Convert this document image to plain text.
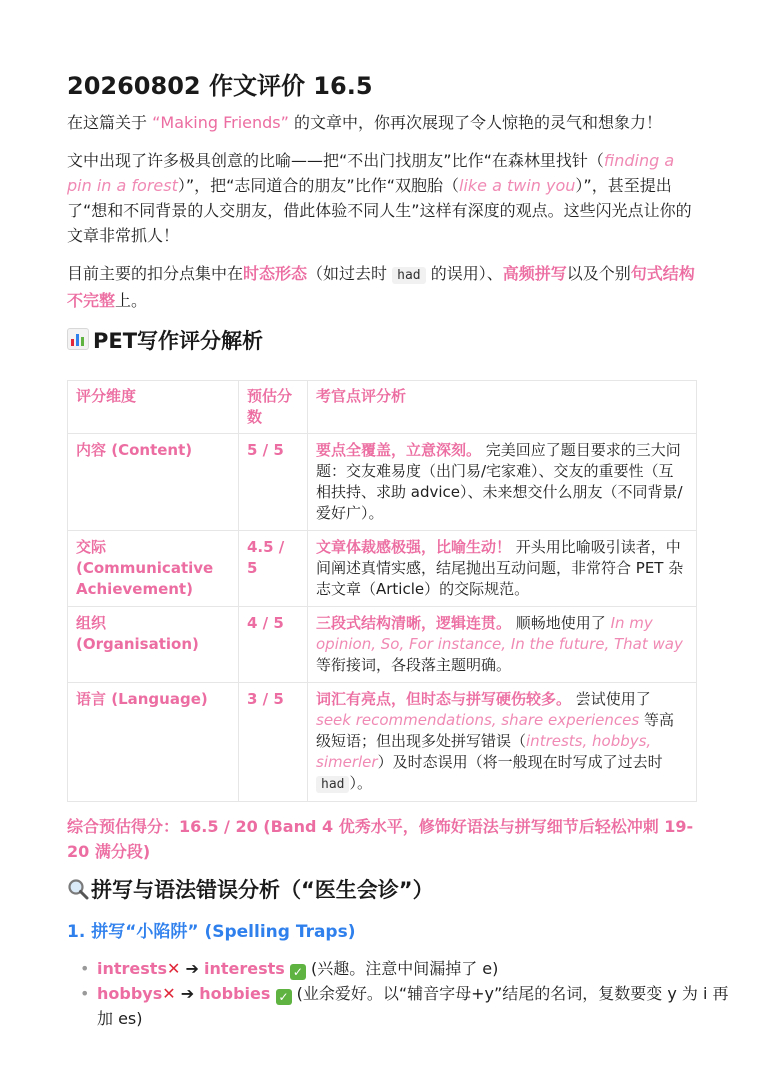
20260802 作文评价 16.5
在这篇关于 “Making Friends” 的文章中，你再次展现了令人惊艳的灵气和想象力！
文中出现了许多极具创意的比喻——把“不出门找朋友”比作“在森林里找针（finding a pin in a forest）”，把“志同道合的朋友”比作“双胞胎（like a twin you）”，甚至提出了“想和不同背景的人交朋友，借此体验不同人生”这样有深度的观点。这些闪光点让你的文章非常抓人！
目前主要的扣分点集中在时态形态（如过去时 had 的误用）、高频拼写以及个别句式结构不完整上。
PET写作评分解析
评分维度	预估分数	考官点评分析
内容 (Content)	5 / 5	要点全覆盖，立意深刻。 完美回应了题目要求的三大问题：交友难易度（出门易/宅家难）、交友的重要性（互相扶持、求助 advice）、未来想交什么朋友（不同背景/爱好广）。
交际 (Communicative Achievement)	4.5 / 5	文章体裁感极强，比喻生动！ 开头用比喻吸引读者，中间阐述真情实感，结尾抛出互动问题，非常符合 PET 杂志文章（Article）的交际规范。
组织 (Organisation)	4 / 5	三段式结构清晰，逻辑连贯。 顺畅地使用了 In my opinion, So, For instance, In the future, That way 等衔接词，各段落主题明确。
语言 (Language)	3 / 5	词汇有亮点，但时态与拼写硬伤较多。 尝试使用了 seek recommendations, share experiences 等高级短语；但出现多处拼写错误（intrests, hobbys, simerler）及时态误用（将一般现在时写成了过去时 had ）。
综合预估得分：16.5 / 20 (Band 4 优秀水平，修饰好语法与拼写细节后轻松冲刺 19-20 满分段)
拼写与语法错误分析（“医生会诊”）
1. 拼写“小陷阱” (Spelling Traps)
• intrests✕ ➔ interests ✓ (兴趣。注意中间漏掉了 e)
• hobbys✕ ➔ hobbies ✓ (业余爱好。以“辅音字母+y”结尾的名词，复数要变 y 为 i 再加 es)
